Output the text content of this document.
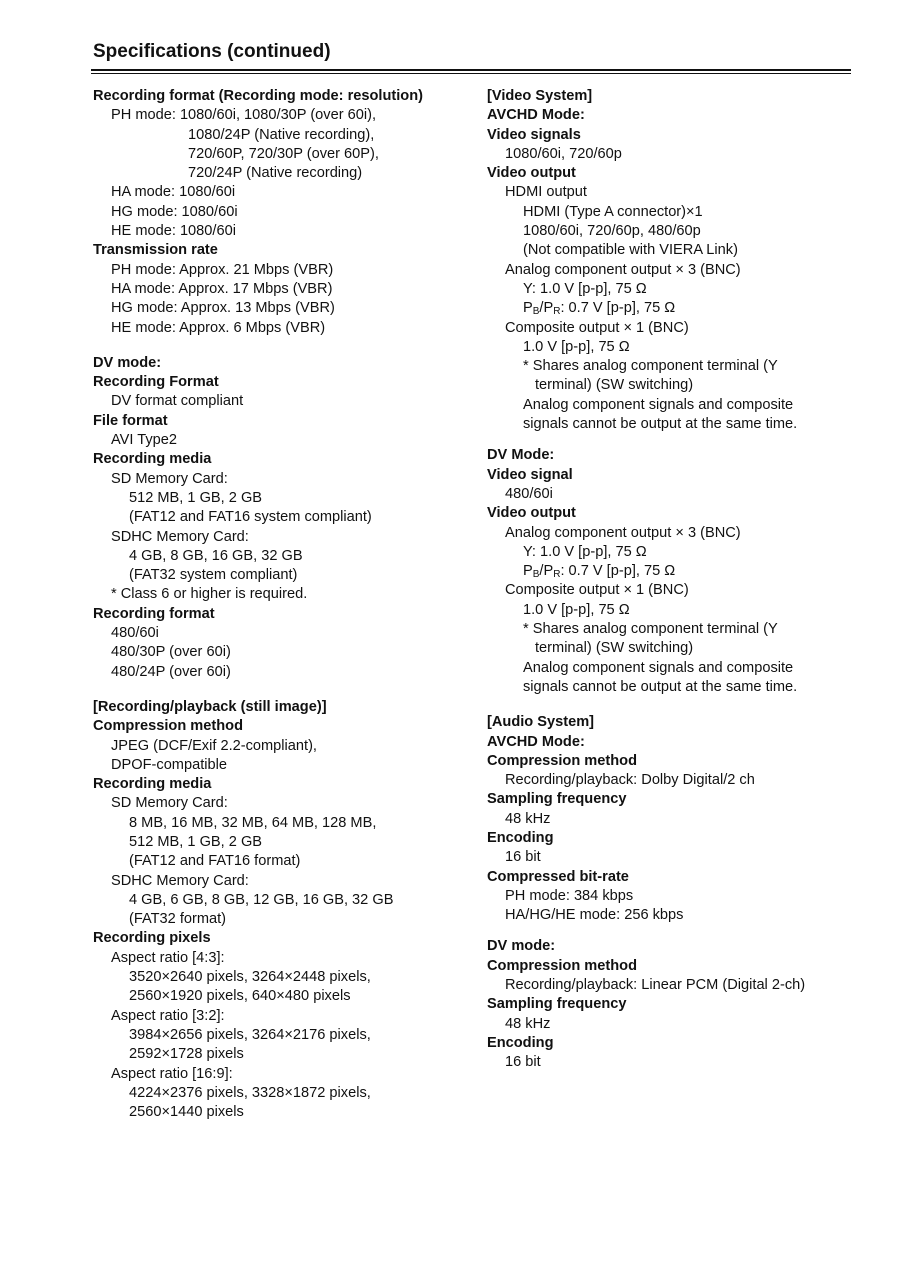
Specifications (continued)
Recording format (Recording mode: resolution)
PH mode: 1080/60i, 1080/30P (over 60i),
1080/24P (Native recording),
720/60P, 720/30P (over 60P),
720/24P (Native recording)
HA mode: 1080/60i
HG mode: 1080/60i
HE mode: 1080/60i
Transmission rate
PH mode: Approx. 21 Mbps (VBR)
HA mode: Approx. 17 Mbps (VBR)
HG mode: Approx. 13 Mbps (VBR)
HE mode: Approx. 6 Mbps (VBR)
DV mode:
Recording Format
DV format compliant
File format
AVI Type2
Recording media
SD Memory Card:
512 MB, 1 GB, 2 GB
(FAT12 and FAT16 system compliant)
SDHC Memory Card:
4 GB, 8 GB, 16 GB, 32 GB
(FAT32 system compliant)
* Class 6 or higher is required.
Recording format
480/60i
480/30P (over 60i)
480/24P (over 60i)
[Recording/playback (still image)]
Compression method
JPEG (DCF/Exif 2.2-compliant),
DPOF-compatible
Recording media
SD Memory Card:
8 MB, 16 MB, 32 MB, 64 MB, 128 MB,
512 MB, 1 GB, 2 GB
(FAT12 and FAT16 format)
SDHC Memory Card:
4 GB, 6 GB, 8 GB, 12 GB, 16 GB, 32 GB
(FAT32 format)
Recording pixels
Aspect ratio [4:3]:
3520×2640 pixels, 3264×2448 pixels,
2560×1920 pixels, 640×480 pixels
Aspect ratio [3:2]:
3984×2656 pixels, 3264×2176 pixels,
2592×1728 pixels
Aspect ratio [16:9]:
4224×2376 pixels, 3328×1872 pixels,
2560×1440 pixels
[Video System]
AVCHD Mode:
Video signals
1080/60i, 720/60p
Video output
HDMI output
HDMI (Type A connector)×1
1080/60i, 720/60p, 480/60p
(Not compatible with VIERA Link)
Analog component output × 3 (BNC)
Y: 1.0 V [p-p], 75 Ω
$P_B/P_R$: 0.7 V [p-p], 75 Ω
Composite output × 1 (BNC)
1.0 V [p-p], 75 Ω
* Shares analog component terminal (Y
terminal) (SW switching)
Analog component signals and composite
signals cannot be output at the same time.
DV Mode:
Video signal
480/60i
Video output
Analog component output × 3 (BNC)
Y: 1.0 V [p-p], 75 Ω
$P_B/P_R$: 0.7 V [p-p], 75 Ω
Composite output × 1 (BNC)
1.0 V [p-p], 75 Ω
* Shares analog component terminal (Y
terminal) (SW switching)
Analog component signals and composite
signals cannot be output at the same time.
[Audio System]
AVCHD Mode:
Compression method
Recording/playback: Dolby Digital/2 ch
Sampling frequency
48 kHz
Encoding
16 bit
Compressed bit-rate
PH mode: 384 kbps
HA/HG/HE mode: 256 kbps
DV mode:
Compression method
Recording/playback: Linear PCM (Digital 2-ch)
Sampling frequency
48 kHz
Encoding
16 bit
